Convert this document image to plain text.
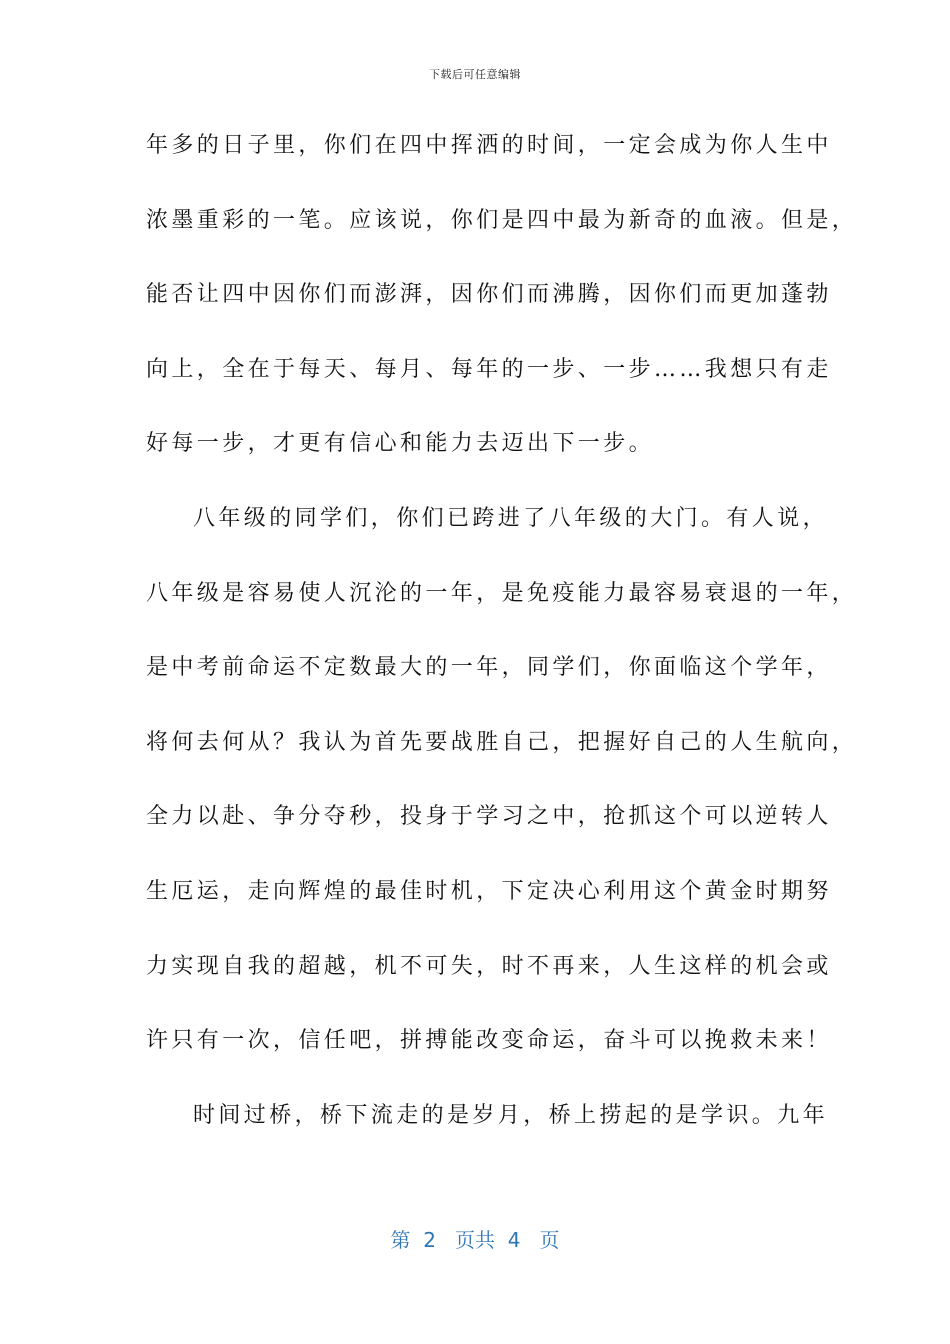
下载后可任意编辑
年多的日子里，你们在四中挥洒的时间，一定会成为你人生中
浓墨重彩的一笔。应该说，你们是四中最为新奇的血液。但是，
能否让四中因你们而澎湃，因你们而沸腾，因你们而更加蓬勃
向上，全在于每天、每月、每年的一步、一步……我想只有走
好每一步，才更有信心和能力去迈出下一步。
八年级的同学们，你们已跨进了八年级的大门。有人说，
八年级是容易使人沉沦的一年，是免疫能力最容易衰退的一年，
是中考前命运不定数最大的一年，同学们，你面临这个学年，
将何去何从？我认为首先要战胜自己，把握好自己的人生航向，
全力以赴、争分夺秒，投身于学习之中，抢抓这个可以逆转人
生厄运，走向辉煌的最佳时机，下定决心利用这个黄金时期努
力实现自我的超越，机不可失，时不再来，人生这样的机会或
许只有一次，信任吧，拼搏能改变命运，奋斗可以挽救未来！
时间过桥，桥下流走的是岁月，桥上捞起的是学识。九年
第 2 页共 4 页
